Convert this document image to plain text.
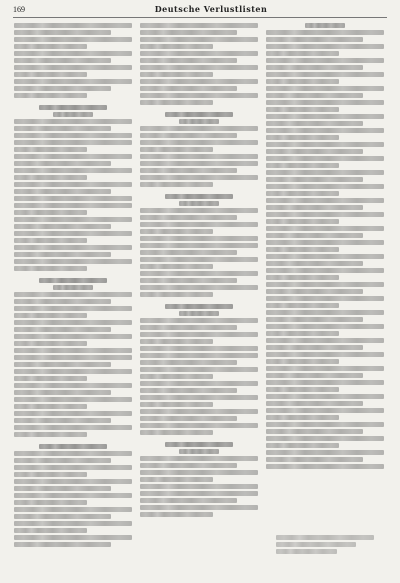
169	Deutsche Verlustlisten
